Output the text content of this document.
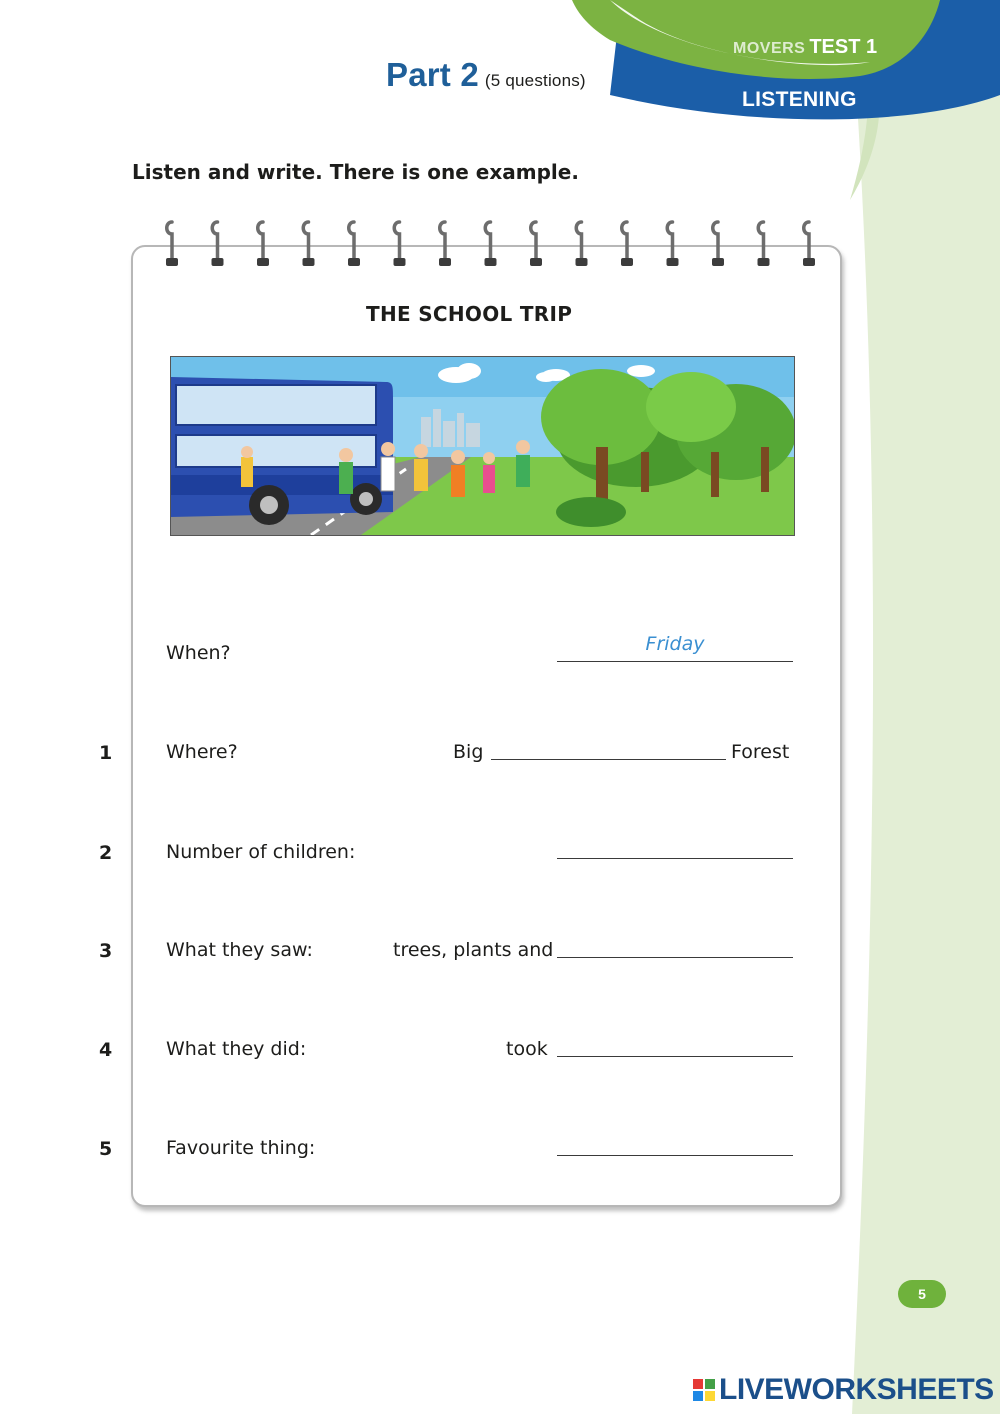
MOVERS TEST 1
LISTENING
Part 2 (5 questions)

Listen and write. There is one example.

THE SCHOOL TRIP
When?	Friday
1	Where?	Big	Forest
2	Number of children:
3	What they saw:	trees, plants and
4	What they did:	took
5	Favourite thing:
5
LIVEWORKSHEETS
